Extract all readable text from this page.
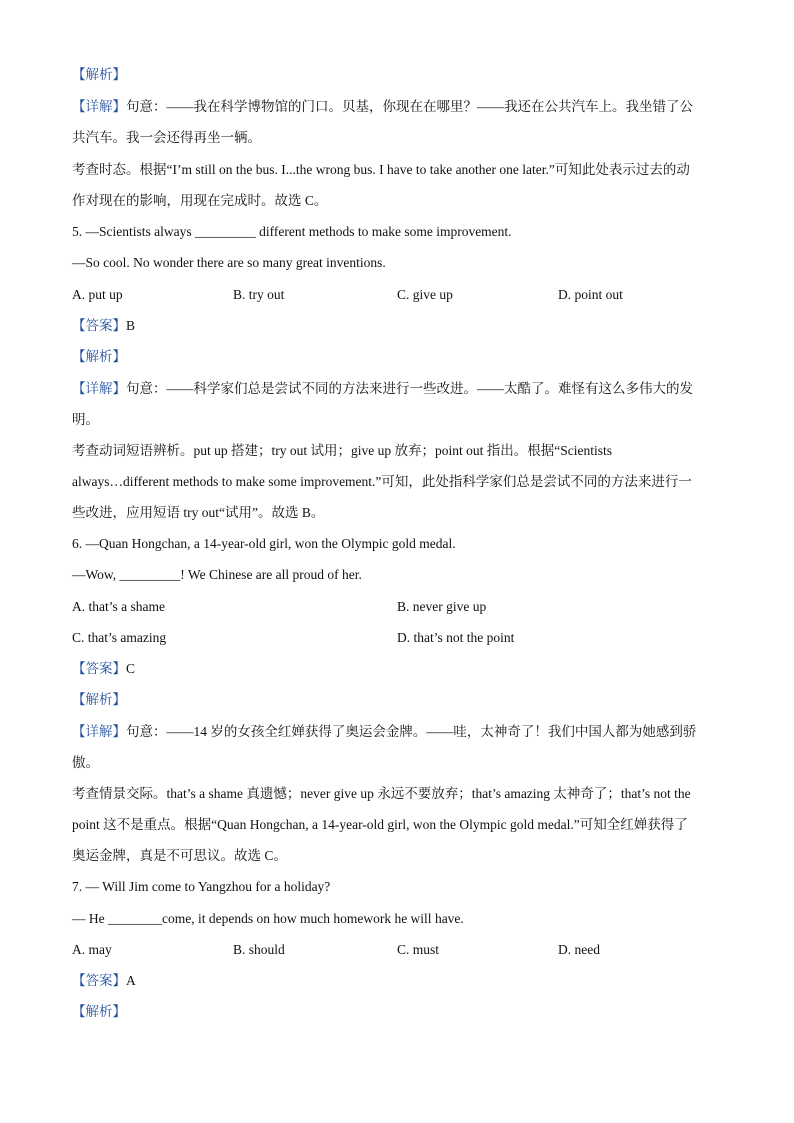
【解析】
【详解】句意：——我在科学博物馆的门口。贝基，你现在在哪里？——我还在公共汽车上。我坐错了公
共汽车。我一会还得再坐一辆。
考查时态。根据“I’m still on the bus. I...the wrong bus. I have to take another one later.”可知此处表示过去的动
作对现在的影响，用现在完成时。故选 C。
5. —Scientists always _________ different methods to make some improvement.
—So cool. No wonder there are so many great inventions.
A. put up	B. try out	C. give up	D. point out
【答案】B
【解析】
【详解】句意：——科学家们总是尝试不同的方法来进行一些改进。——太酷了。难怪有这么多伟大的发
明。
考查动词短语辨析。put up 搭建；try out 试用；give up 放弃；point out 指出。根据“Scientists
always…different methods to make some improvement.”可知，此处指科学家们总是尝试不同的方法来进行一
些改进，应用短语 try out“试用”。故选 B。
6. —Quan Hongchan, a 14-year-old girl, won the Olympic gold medal.
—Wow, _________! We Chinese are all proud of her.
A. that’s a shame	B. never give up
C. that’s amazing	D. that’s not the point
【答案】C
【解析】
【详解】句意：——14 岁的女孩全红婵获得了奥运会金牌。——哇，太神奇了！我们中国人都为她感到骄
傲。
考查情景交际。that’s a shame 真遗憾；never give up 永远不要放弃；that’s amazing 太神奇了；that’s not the
point 这不是重点。根据“Quan Hongchan, a 14-year-old girl, won the Olympic gold medal.”可知全红婵获得了
奥运金牌，真是不可思议。故选 C。
7. — Will Jim come to Yangzhou for a holiday?
— He ________come, it depends on how much homework he will have.
A. may	B. should	C. must	D. need
【答案】A
【解析】
